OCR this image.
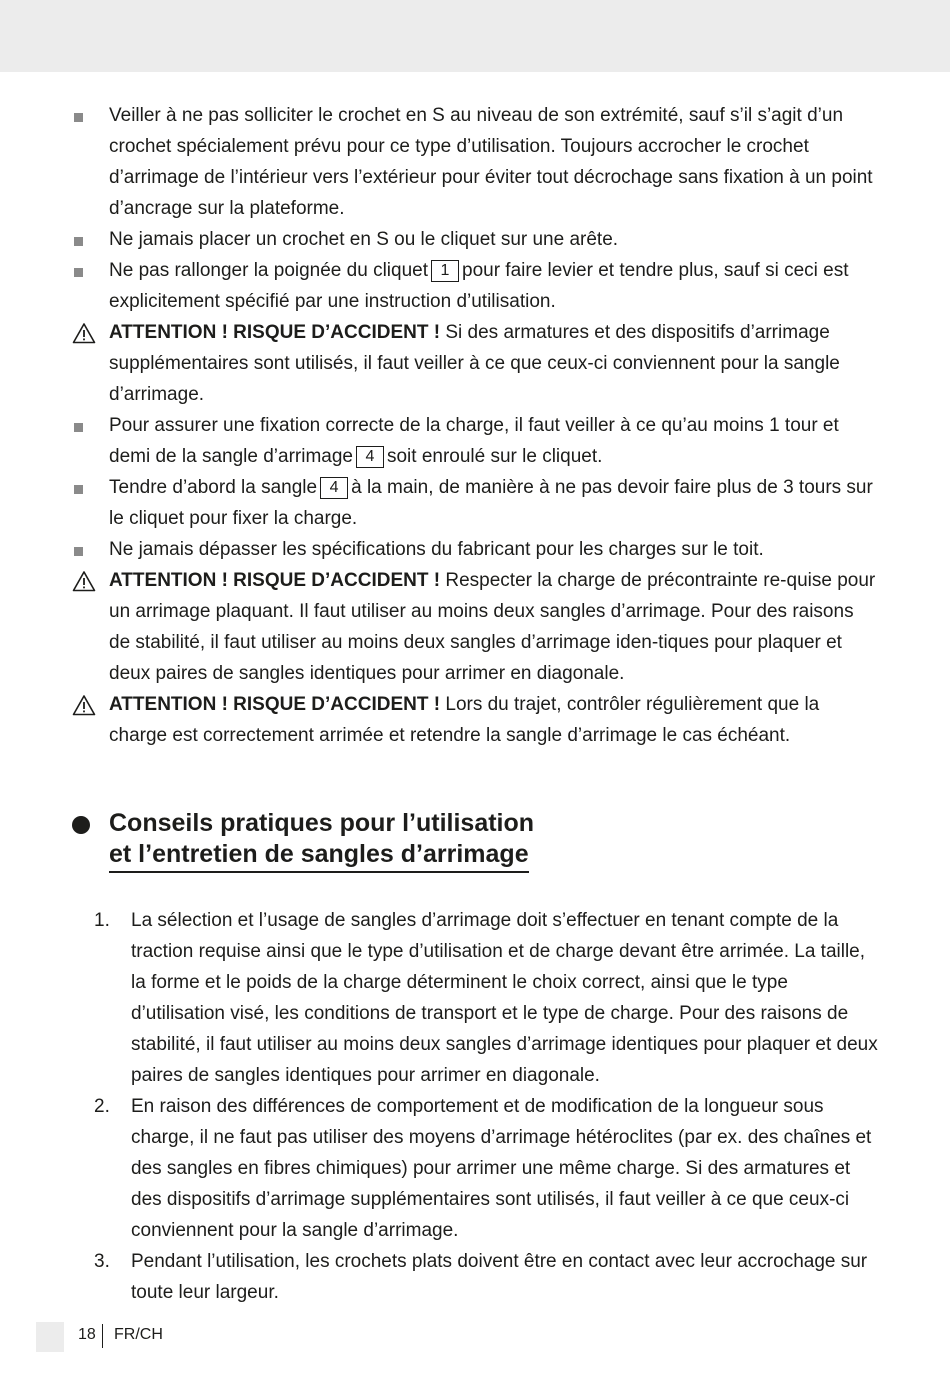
Veiller à ne pas solliciter le crochet en S au niveau de son extrémité, sauf s’il s’agit d’un crochet spécialement prévu pour ce type d’utilisation. Toujours accrocher le crochet d’arrimage de l’intérieur vers l’extérieur pour éviter tout décrochage sans fixation à un point d’ancrage sur la plateforme.
Ne jamais placer un crochet en S ou le cliquet sur une arête.
Ne pas rallonger la poignée du cliquet 1 pour faire levier et tendre plus, sauf si ceci est explicitement spécifié par une instruction d’utilisation.
ATTENTION ! RISQUE D’ACCIDENT ! Si des armatures et des dispositifs d’arrimage supplémentaires sont utilisés, il faut veiller à ce que ceux-ci conviennent pour la sangle d’arrimage.
Pour assurer une fixation correcte de la charge, il faut veiller à ce qu’au moins 1 tour et demi de la sangle d’arrimage 4 soit enroulé sur le cliquet.
Tendre d’abord la sangle 4 à la main, de manière à ne pas devoir faire plus de 3 tours sur le cliquet pour fixer la charge.
Ne jamais dépasser les spécifications du fabricant pour les charges sur le toit.
ATTENTION ! RISQUE D’ACCIDENT ! Respecter la charge de précontrainte re-quise pour un arrimage plaquant. Il faut utiliser au moins deux sangles d’arrimage. Pour des raisons de stabilité, il faut utiliser au moins deux sangles d’arrimage iden-tiques pour plaquer et deux paires de sangles identiques pour arrimer en diagonale.
ATTENTION ! RISQUE D’ACCIDENT ! Lors du trajet, contrôler régulièrement que la charge est correctement arrimée et retendre la sangle d’arrimage le cas échéant.
Conseils pratiques pour l’utilisation
et l’entretien de sangles d’arrimage
1. La sélection et l’usage de sangles d’arrimage doit s’effectuer en tenant compte de la traction requise ainsi que le type d’utilisation et de charge devant être arrimée. La taille, la forme et le poids de la charge déterminent le choix correct, ainsi que le type d’utilisation visé, les conditions de transport et le type de charge. Pour des raisons de stabilité, il faut utiliser au moins deux sangles d’arrimage identiques pour plaquer et deux paires de sangles identiques pour arrimer en diagonale.
2. En raison des différences de comportement et de modification de la longueur sous charge, il ne faut pas utiliser des moyens d’arrimage hétéroclites (par ex. des chaînes et des sangles en fibres chimiques) pour arrimer une même charge. Si des armatures et des dispositifs d’arrimage supplémentaires sont utilisés, il faut veiller à ce que ceux-ci conviennent pour la sangle d’arrimage.
3. Pendant l’utilisation, les crochets plats doivent être en contact avec leur accrochage sur toute leur largeur.
18 FR/CH
